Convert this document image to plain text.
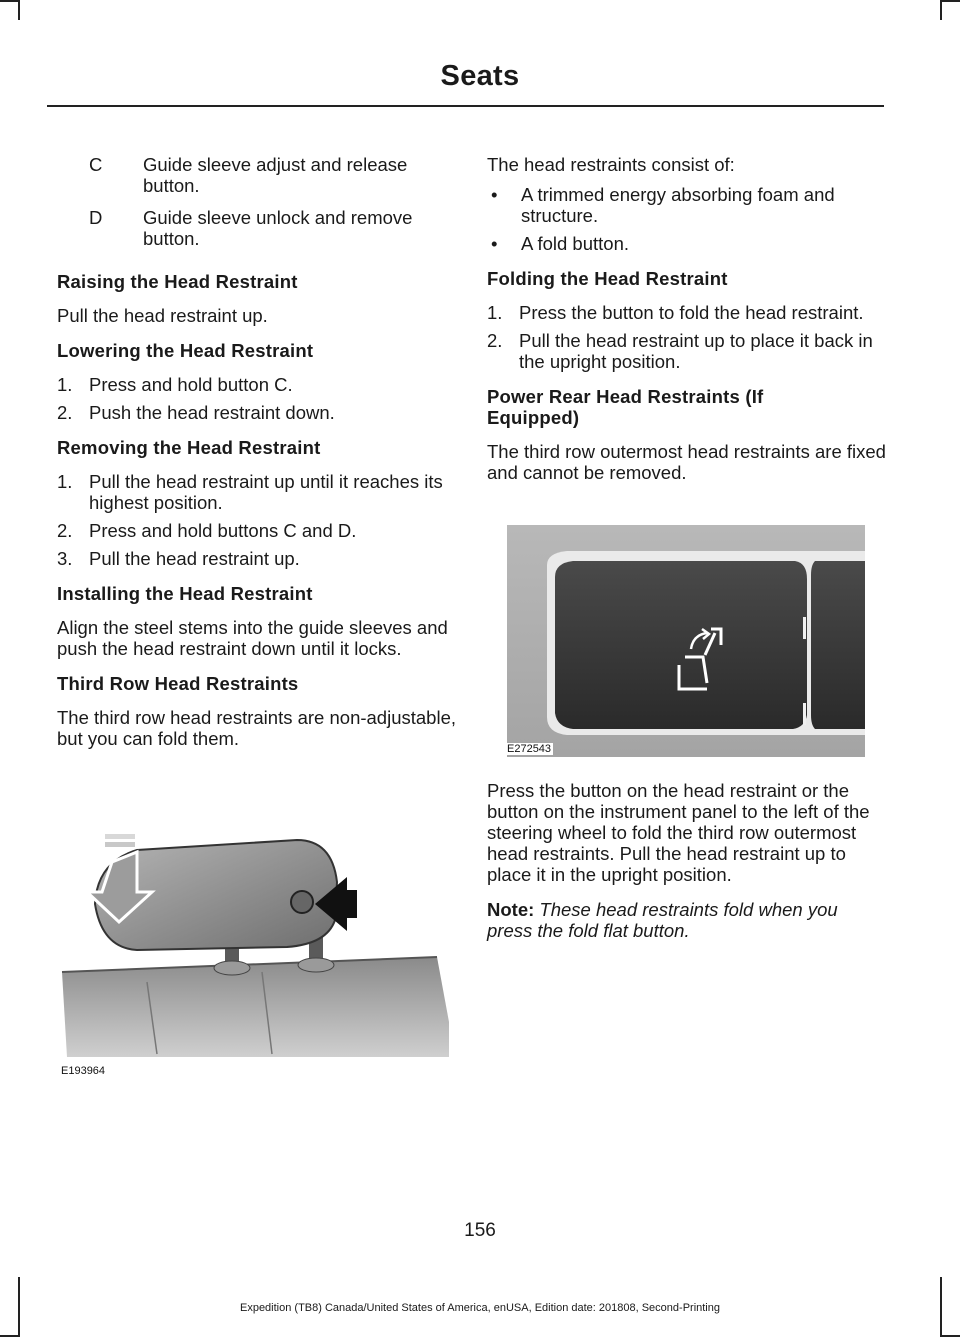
Seats
C	Guide sleeve adjust and release button.
D	Guide sleeve unlock and remove button.
Raising the Head Restraint
Pull the head restraint up.
Lowering the Head Restraint
1. Press and hold button C.
2. Push the head restraint down.
Removing the Head Restraint
1. Pull the head restraint up until it reaches its highest position.
2. Press and hold buttons C and D.
3. Pull the head restraint up.
Installing the Head Restraint
Align the steel stems into the guide sleeves and push the head restraint down until it locks.
Third Row Head Restraints
The third row head restraints are non-adjustable, but you can fold them.
E193964
The head restraints consist of:
•	A trimmed energy absorbing foam and structure.
•	A fold button.
Folding the Head Restraint
1. Press the button to fold the head restraint.
2. Pull the head restraint up to place it back in the upright position.
Power Rear Head Restraints (If Equipped)
The third row outermost head restraints are fixed and cannot be removed.
E272543
Press the button on the head restraint or the button on the instrument panel to the left of the steering wheel to fold the third row outermost head restraints. Pull the head restraint up to place it in the upright position.
Note: These head restraints fold when you press the fold flat button.
156
Expedition (TB8) Canada/United States of America, enUSA, Edition date: 201808, Second-Printing
